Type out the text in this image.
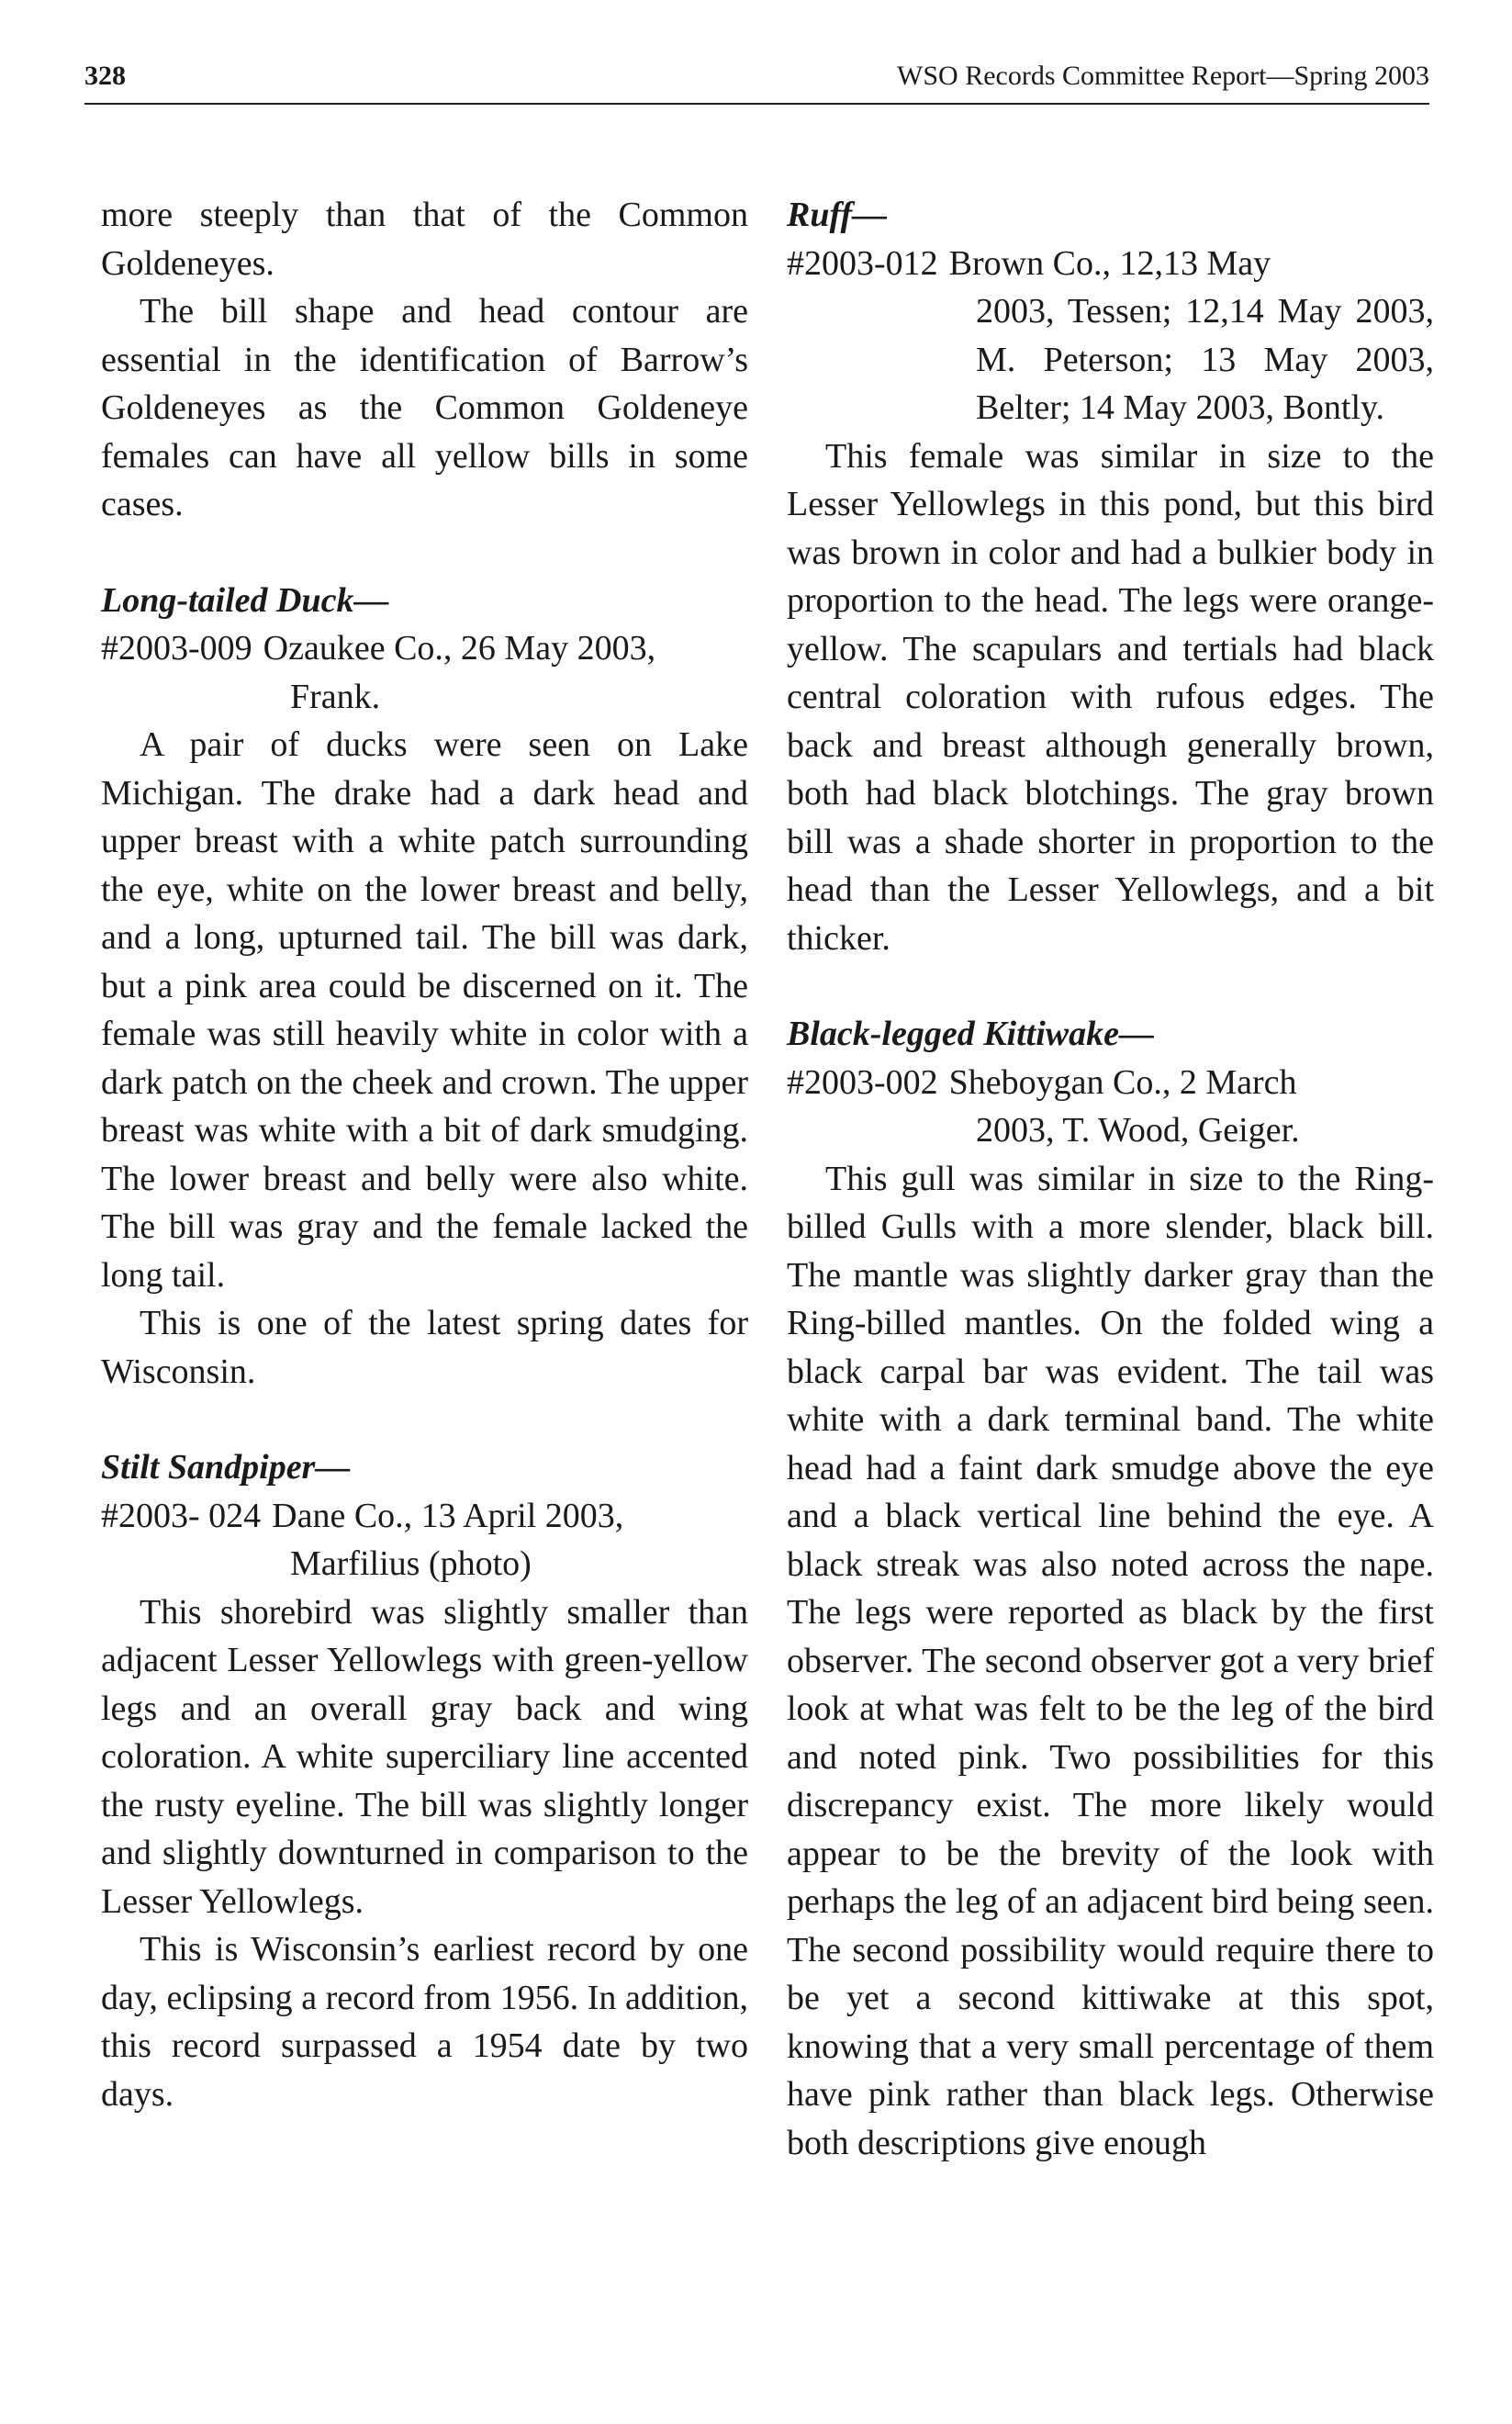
328	WSO Records Committee Report—Spring 2003

more steeply than that of the Common Goldeneyes.

The bill shape and head contour are essential in the identification of Barrow’s Goldeneyes as the Common Goldeneye females can have all yellow bills in some cases.

Long-tailed Duck—

#2003-009 Ozaukee Co., 26 May 2003,

Frank.

A pair of ducks were seen on Lake Michigan. The drake had a dark head and upper breast with a white patch surrounding the eye, white on the lower breast and belly, and a long, upturned tail. The bill was dark, but a pink area could be discerned on it. The female was still heavily white in color with a dark patch on the cheek and crown. The upper breast was white with a bit of dark smudging. The lower breast and belly were also white. The bill was gray and the female lacked the long tail.

This is one of the latest spring dates for Wisconsin.

Stilt Sandpiper—

#2003- 024 Dane Co., 13 April 2003,

Marfilius (photo)

This shorebird was slightly smaller than adjacent Lesser Yellowlegs with green-yellow legs and an overall gray back and wing coloration. A white superciliary line accented the rusty eyeline. The bill was slightly longer and slightly downturned in comparison to the Lesser Yellowlegs.

This is Wisconsin’s earliest record by one day, eclipsing a record from 1956. In addition, this record surpassed a 1954 date by two days.

Ruff—

#2003-012 Brown Co., 12,13 May

2003, Tessen; 12,14 May 2003, M. Peterson; 13 May 2003, Belter; 14 May 2003, Bontly.

This female was similar in size to the Lesser Yellowlegs in this pond, but this bird was brown in color and had a bulkier body in proportion to the head. The legs were orange-yellow. The scapulars and tertials had black central coloration with rufous edges. The back and breast although generally brown, both had black blotchings. The gray brown bill was a shade shorter in proportion to the head than the Lesser Yellowlegs, and a bit thicker.

Black-legged Kittiwake—

#2003-002 Sheboygan Co., 2 March

2003, T. Wood, Geiger.

This gull was similar in size to the Ring-billed Gulls with a more slender, black bill. The mantle was slightly darker gray than the Ring-billed mantles. On the folded wing a black carpal bar was evident. The tail was white with a dark terminal band. The white head had a faint dark smudge above the eye and a black vertical line behind the eye. A black streak was also noted across the nape. The legs were reported as black by the first observer. The second observer got a very brief look at what was felt to be the leg of the bird and noted pink. Two possibilities for this discrepancy exist. The more likely would appear to be the brevity of the look with perhaps the leg of an adjacent bird being seen. The second possibility would require there to be yet a second kittiwake at this spot, knowing that a very small percentage of them have pink rather than black legs. Otherwise both descriptions give enough
